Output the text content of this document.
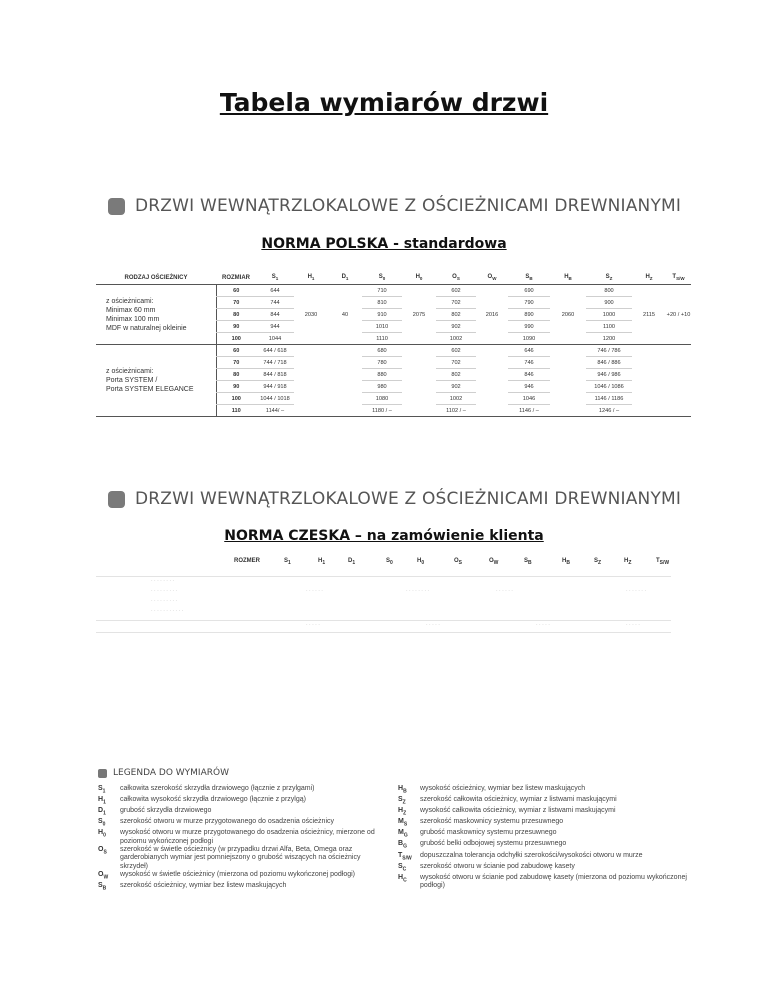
Tabela wymiarów drzwi
DRZWI WEWNĄTRZLOKALOWE Z OŚCIEŻNICAMI DREWNIANYMI
NORMA POLSKA - standardowa
RODZAJ OŚCIEŻNICY	ROZMIAR	$S_1$	$H_1$	$D_1$	$S_0$	$H_0$	$O_S$	$O_W$	$S_B$	$H_B$	$S_Z$	$H_Z$	$T_{S/W}$

z ościeżnicami:
Minimax 60 mm
Minimax 100 mm
MDF w naturalnej okleinie	60	644	2030	40	710	2075	602	2016	690	2060	800	2115	+20 / +10
	70	744			810		702		790		900		
	80	844			910		802		890		1000		
	90	944			1010		902		990		1100		
	100	1044			1110		1002		1090		1200		

z ościeżnicami:
Porta SYSTEM /
Porta SYSTEM ELEGANCE	60	644 / 618			680		602		646		746 / 786		
	70	744 / 718			780		702		746		846 / 886		
	80	844 / 818			880		802		846		946 / 986		
	90	944 / 918			980		902		946		1046 / 1086		
	100	1044 / 1018			1080		1002		1046		1146 / 1186		
	110	1144/ –			1180 / –		1102 / –		1146 / –		1246 / –		
DRZWI WEWNĄTRZLOKALOWE Z OŚCIEŻNICAMI DREWNIANYMI
NORMA CZESKA – na zamówienie klienta
ROZMER	$S_1$	$H_1$	$D_1$	$S_0$	$H_0$	$O_S$	$O_W$	$S_B$	$H_B$	$S_Z$	$H_Z$	$T_{S/W}$
· · · · · · · ·
· · · · · · · · ·
· · · · · · · · ·
· · · · · · · · · · ·
· · · · · ·	· · · · · · · ·	· · · · · ·	· · · · · · ·
· · · · ·	· · · · ·	· · · · ·	· · · · ·
LEGENDA DO WYMIARÓW
$S_1$	całkowita szerokość skrzydła drzwiowego (łącznie z przylgami)
$H_1$	całkowita wysokość skrzydła drzwiowego (łącznie z przylgą)
$D_1$	grubość skrzydła drzwiowego
$S_0$	szerokość otworu w murze przygotowanego do osadzenia ościeżnicy
$H_0$	wysokość otworu w murze przygotowanego do osadzenia ościeżnicy, mierzone od poziomu wykończonej podłogi
$O_S$	szerokość w świetle ościeżnicy (w przypadku drzwi Alfa, Beta, Omega oraz garderobianych wymiar jest pomniejszony o grubość wiszących na ościeżnicy skrzydeł)
$O_W$	wysokość w świetle ościeżnicy (mierzona od poziomu wykończonej podłogi)
$S_B$	szerokość ościeżnicy, wymiar bez listew maskujących
$H_B$	wysokość ościeżnicy, wymiar bez listew maskujących
$S_Z$	szerokość całkowita ościeżnicy, wymiar z listwami maskującymi
$H_Z$	wysokość całkowita ościeżnicy, wymiar z listwami maskującymi
$M_S$	szerokość maskownicy systemu przesuwnego
$M_G$	grubość maskownicy systemu przesuwnego
$B_G$	grubość belki odbojowej systemu przesuwnego
$T_{S/W}$	dopuszczalna tolerancja odchyłki szerokości/wysokości otworu w murze
$S_C$	szerokość otworu w ścianie pod zabudowę kasety
$H_C$	wysokość otworu w ścianie pod zabudowę kasety (mierzona od poziomu wykończonej podłogi)
